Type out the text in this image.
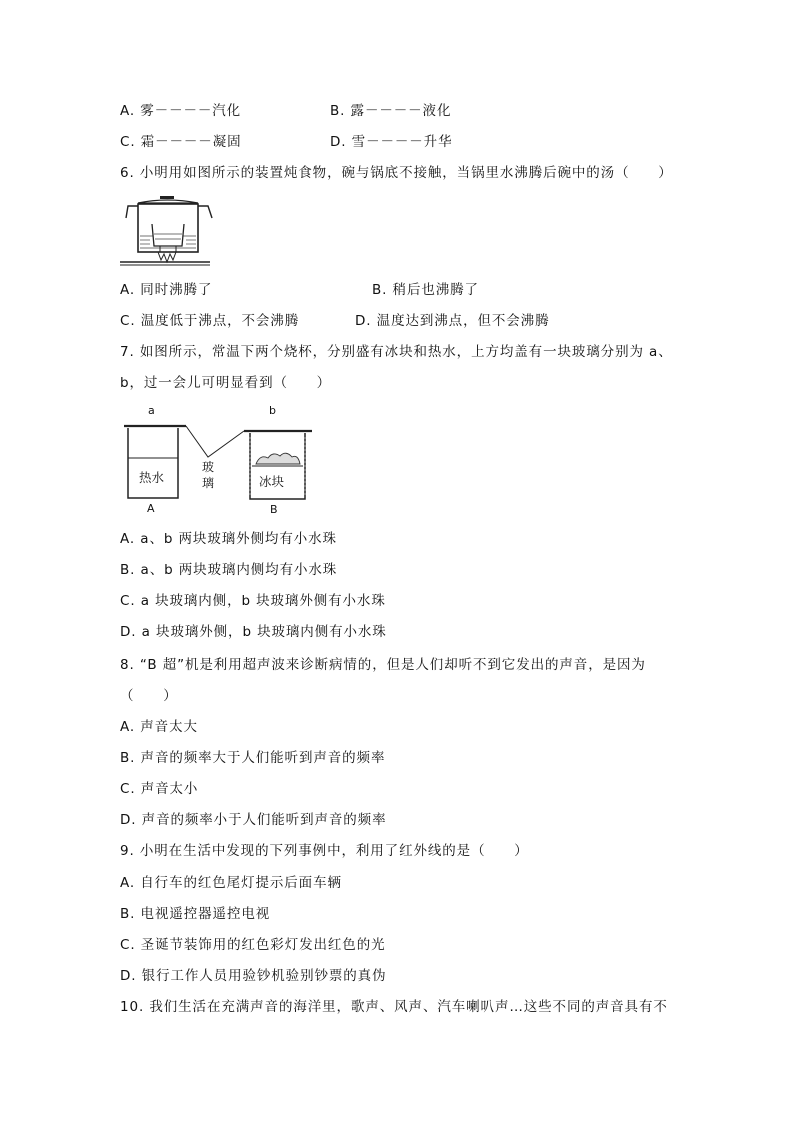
A. 雾－－－－汽化	B. 露－－－－液化
C. 霜－－－－凝固	D. 雪－－－－升华
6. 小明用如图所示的装置炖食物，碗与锅底不接触，当锅里水沸腾后碗中的汤（　　）
A. 同时沸腾了	B. 稍后也沸腾了
C. 温度低于沸点，不会沸腾	D. 温度达到沸点，但不会沸腾
7. 如图所示，常温下两个烧杯，分别盛有冰块和热水，上方均盖有一块玻璃分别为 a、
b，过一会儿可明显看到（　　）
a	b
玻
璃
热水
A
冰块
B
A. a、b 两块玻璃外侧均有小水珠
B. a、b 两块玻璃内侧均有小水珠
C. a 块玻璃内侧，b 块玻璃外侧有小水珠
D. a 块玻璃外侧，b 块玻璃内侧有小水珠
8. “B 超”机是利用超声波来诊断病情的，但是人们却听不到它发出的声音，是因为
（　　）
A. 声音太大
B. 声音的频率大于人们能听到声音的频率
C. 声音太小
D. 声音的频率小于人们能听到声音的频率
9. 小明在生活中发现的下列事例中，利用了红外线的是（　　）
A. 自行车的红色尾灯提示后面车辆
B. 电视遥控器遥控电视
C. 圣诞节装饰用的红色彩灯发出红色的光
D. 银行工作人员用验钞机验别钞票的真伪
10. 我们生活在充满声音的海洋里，歌声、风声、汽车喇叭声…这些不同的声音具有不
